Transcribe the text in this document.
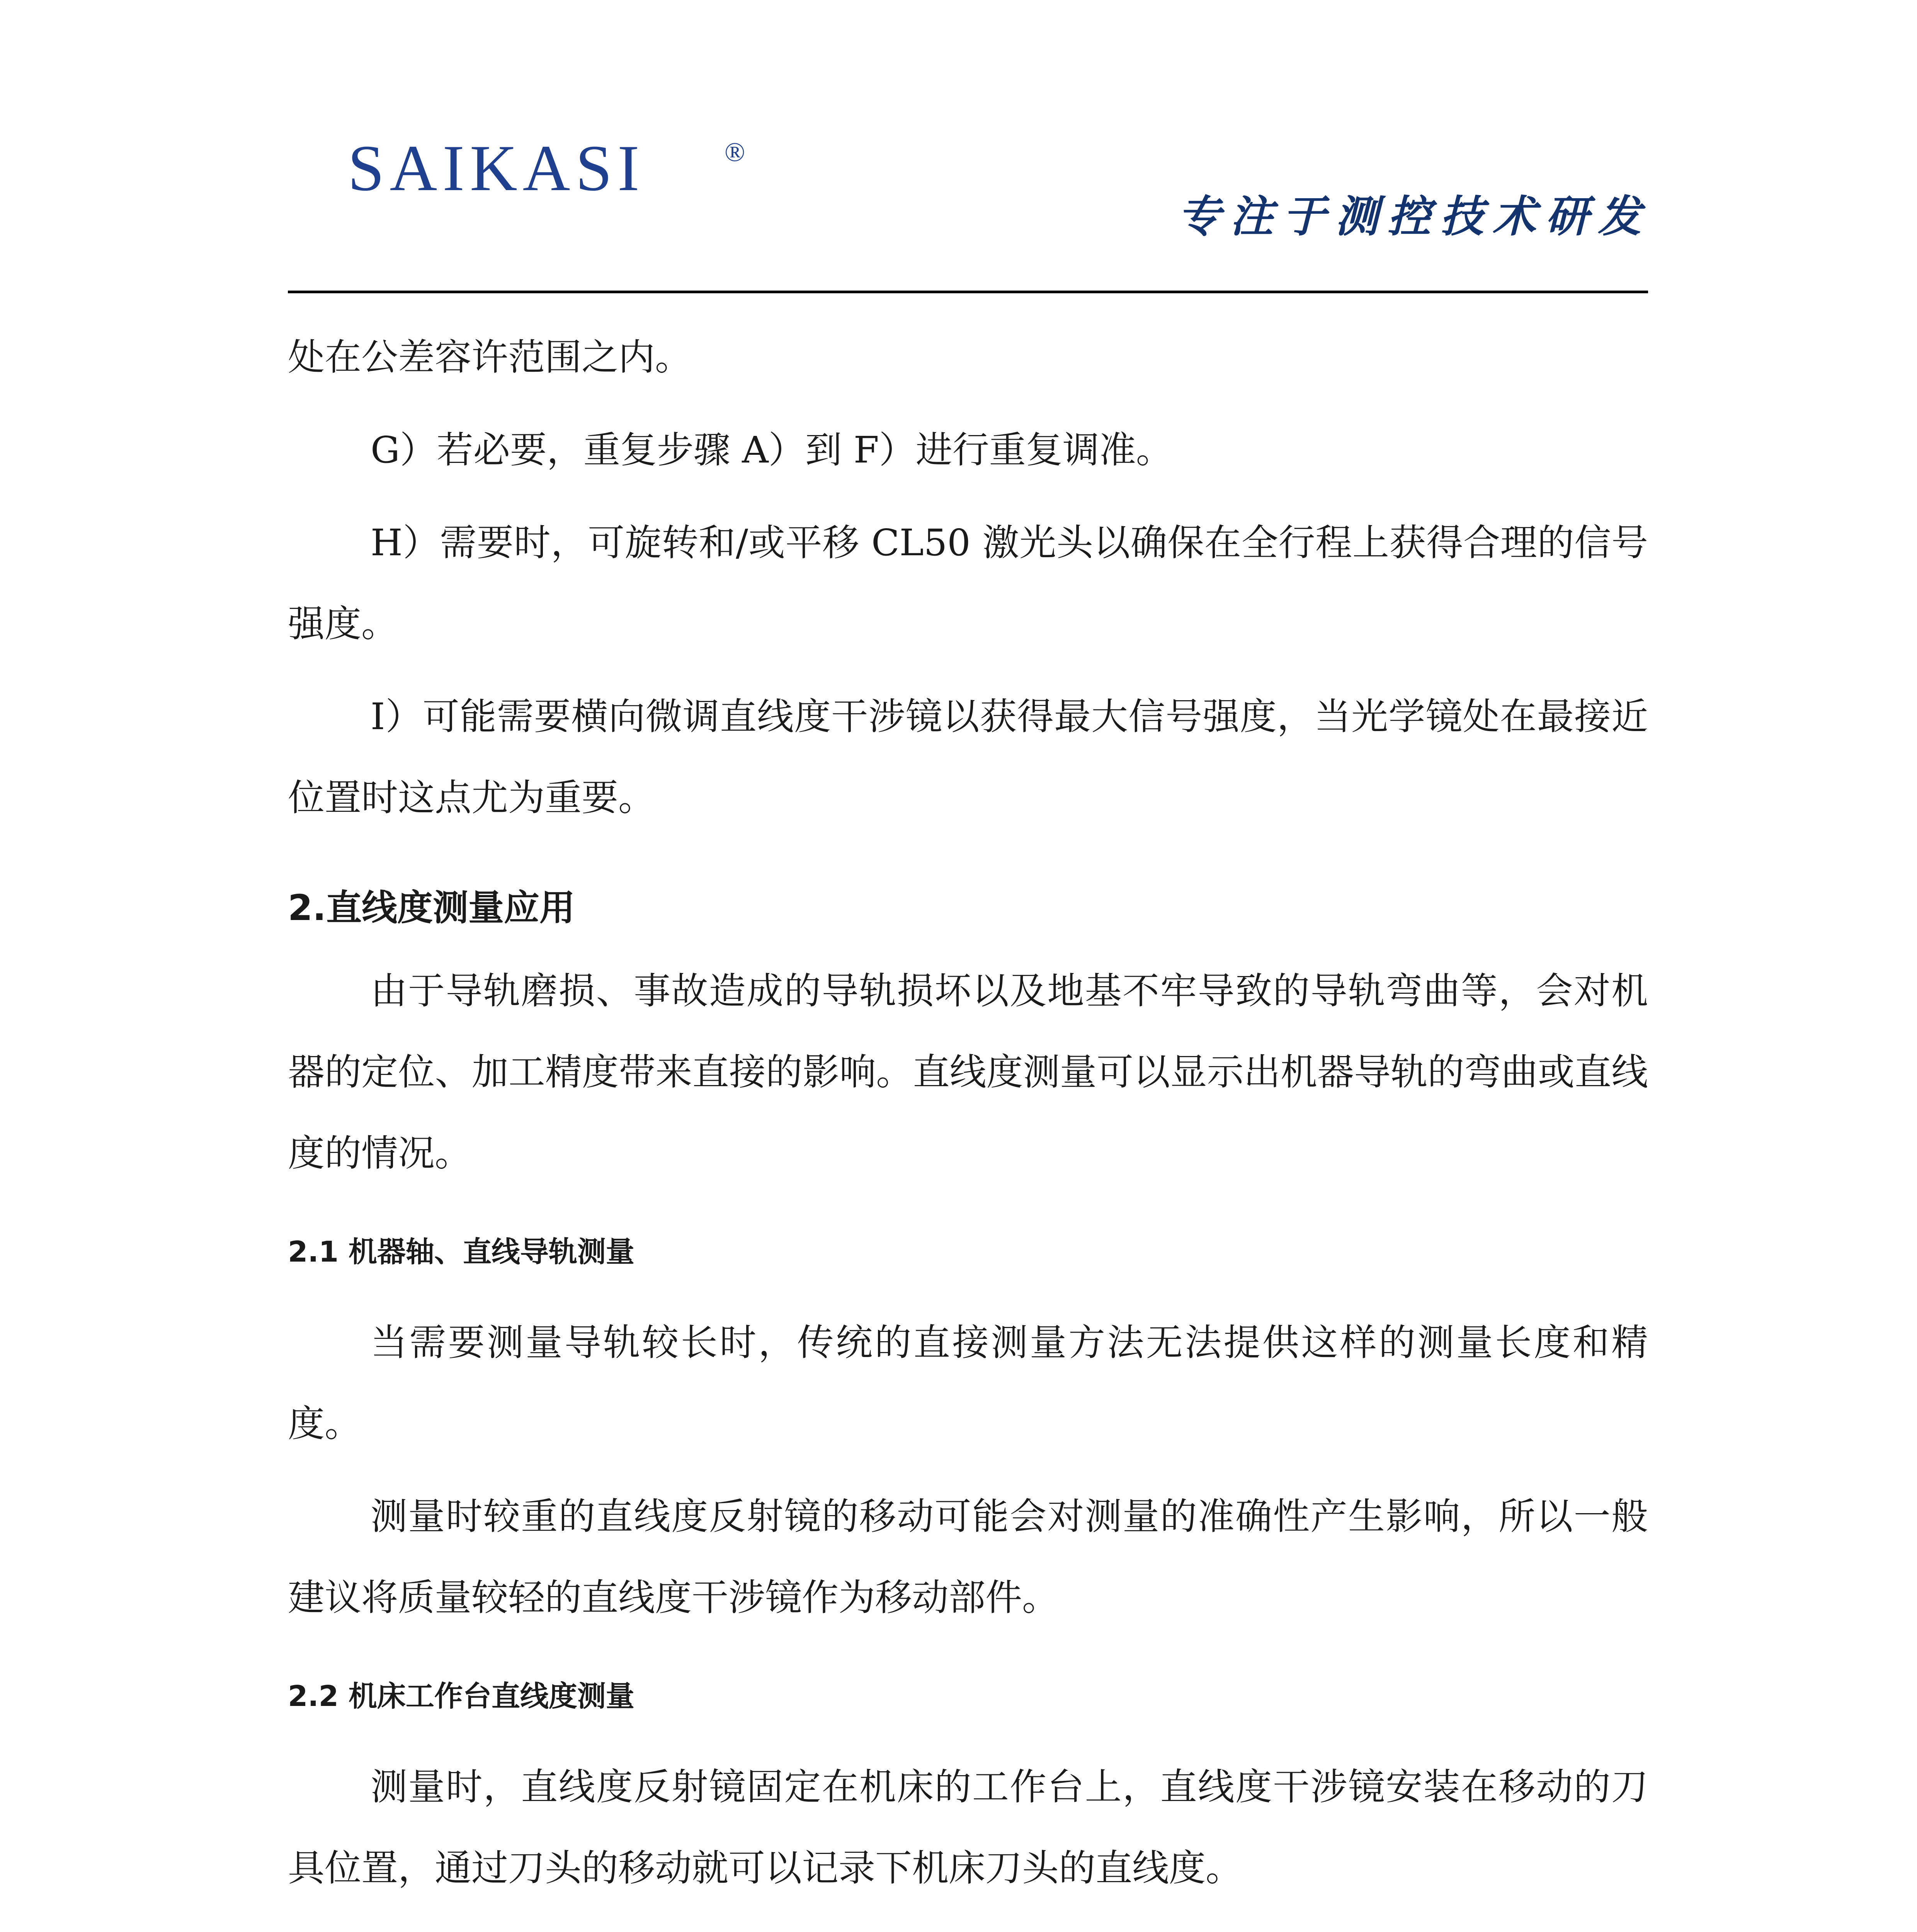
SAIKASI	®
专注于测控技术研发

处在公差容许范围之内。

G）若必要，重复步骤 A）到 F）进行重复调准。

H）需要时，可旋转和/或平移 CL50 激光头以确保在全行程上获得合理的信号强度。

I）可能需要横向微调直线度干涉镜以获得最大信号强度，当光学镜处在最接近位置时这点尤为重要。

2.直线度测量应用

由于导轨磨损、事故造成的导轨损坏以及地基不牢导致的导轨弯曲等，会对机器的定位、加工精度带来直接的影响。直线度测量可以显示出机器导轨的弯曲或直线度的情况。

2.1 机器轴、直线导轨测量

当需要测量导轨较长时，传统的直接测量方法无法提供这样的测量长度和精度。

测量时较重的直线度反射镜的移动可能会对测量的准确性产生影响，所以一般建议将质量较轻的直线度干涉镜作为移动部件。

2.2 机床工作台直线度测量

测量时，直线度反射镜固定在机床的工作台上，直线度干涉镜安装在移动的刀具位置，通过刀头的移动就可以记录下机床刀头的直线度。
